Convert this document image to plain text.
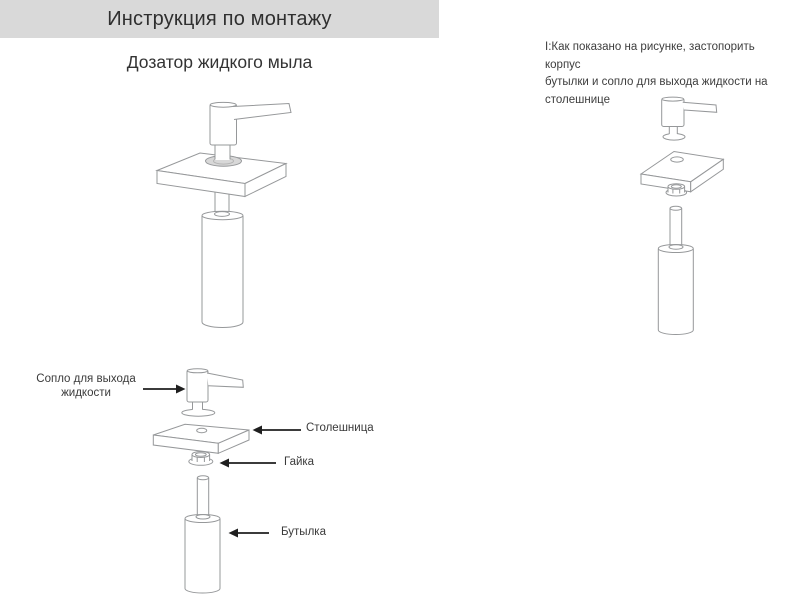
Инструкция по монтажу
Дозатор жидкого мыла
I:Как показано на рисунке, застопорить корпус
бутылки и сопло для выхода жидкости на
столешнице
Сопло для выхода
жидкости
Столешница
Гайка
Бутылка
